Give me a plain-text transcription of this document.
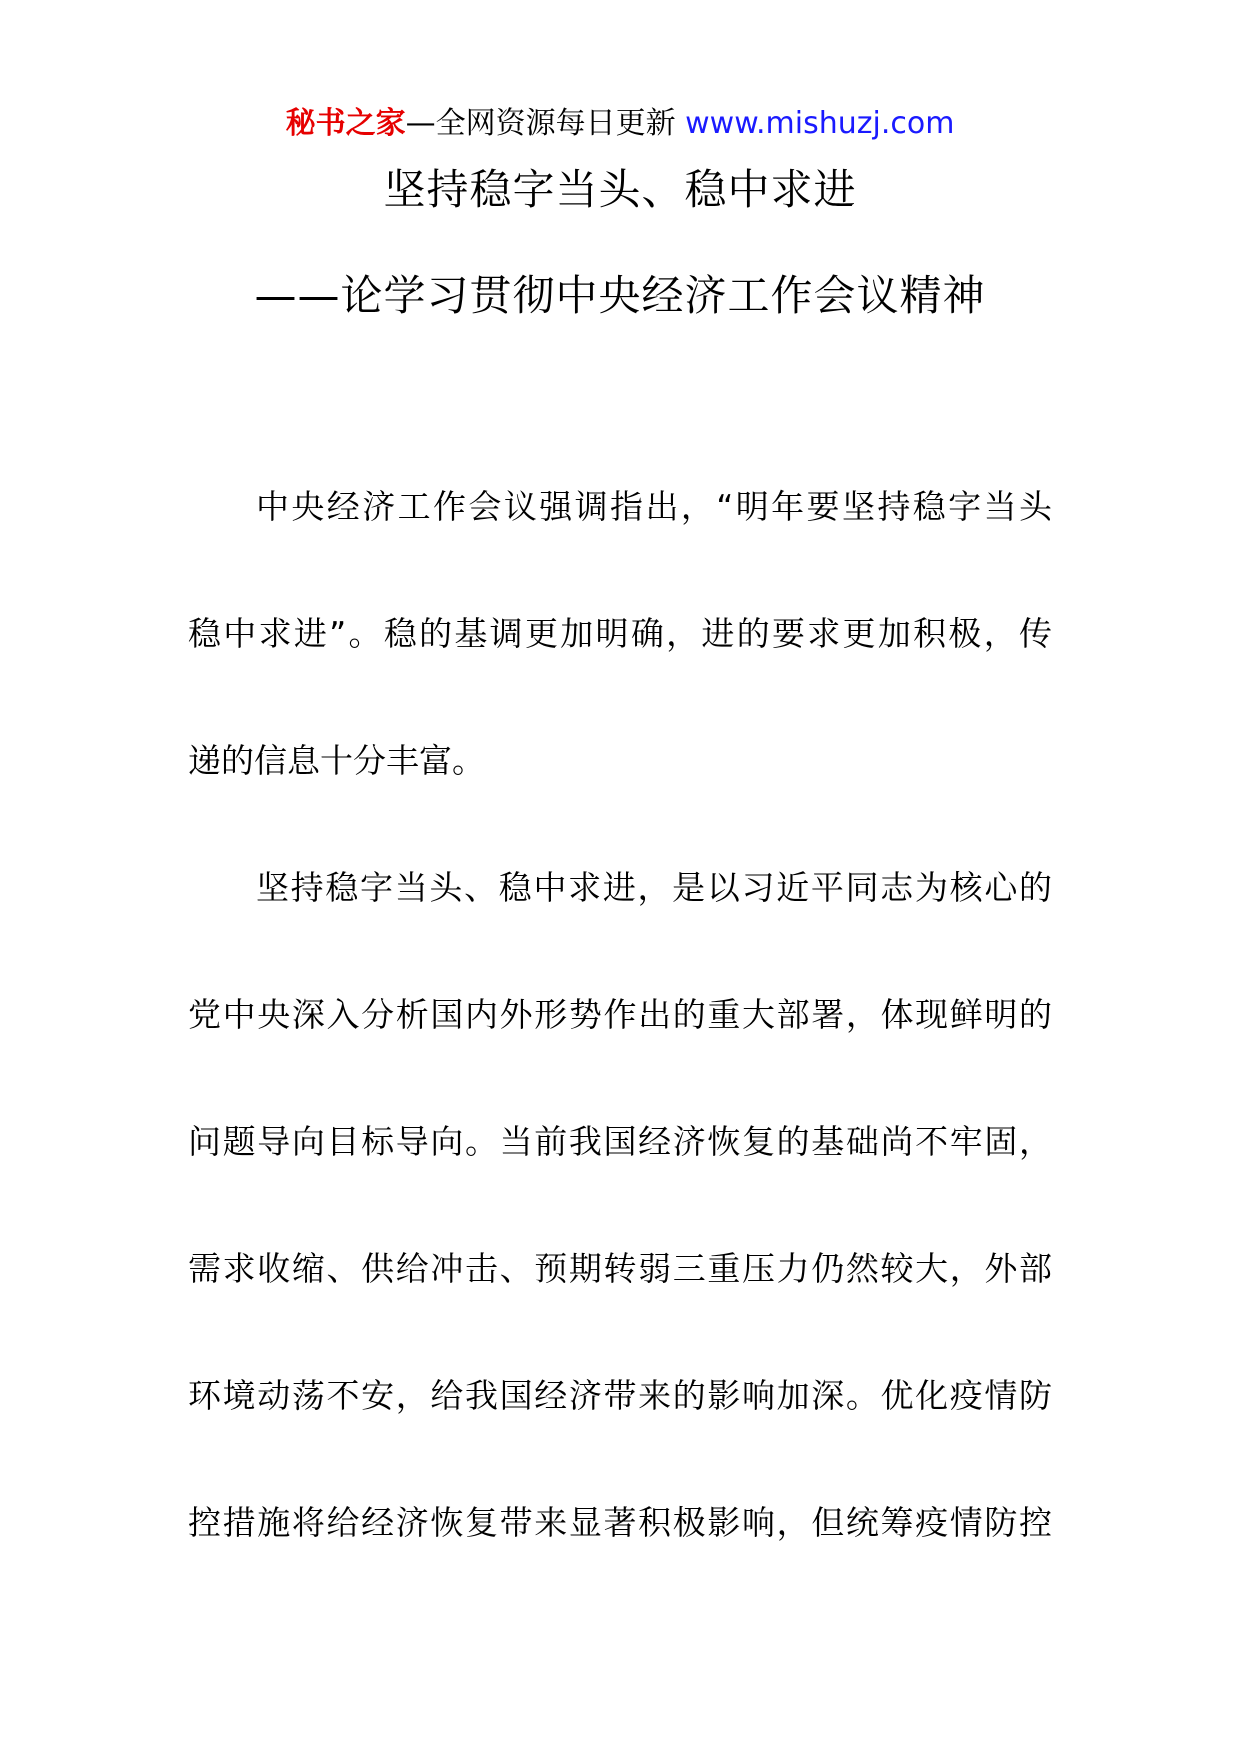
秘书之家—全网资源每日更新 www.mishuzj.com
坚持稳字当头、稳中求进
——论学习贯彻中央经济工作会议精神
中央经济工作会议强调指出，“明年要坚持稳字当头
稳中求进”。稳的基调更加明确，进的要求更加积极，传
递的信息十分丰富。
坚持稳字当头、稳中求进，是以习近平同志为核心的
党中央深入分析国内外形势作出的重大部署，体现鲜明的
问题导向目标导向。当前我国经济恢复的基础尚不牢固，
需求收缩、供给冲击、预期转弱三重压力仍然较大，外部
环境动荡不安，给我国经济带来的影响加深。优化疫情防
控措施将给经济恢复带来显著积极影响，但统筹疫情防控
